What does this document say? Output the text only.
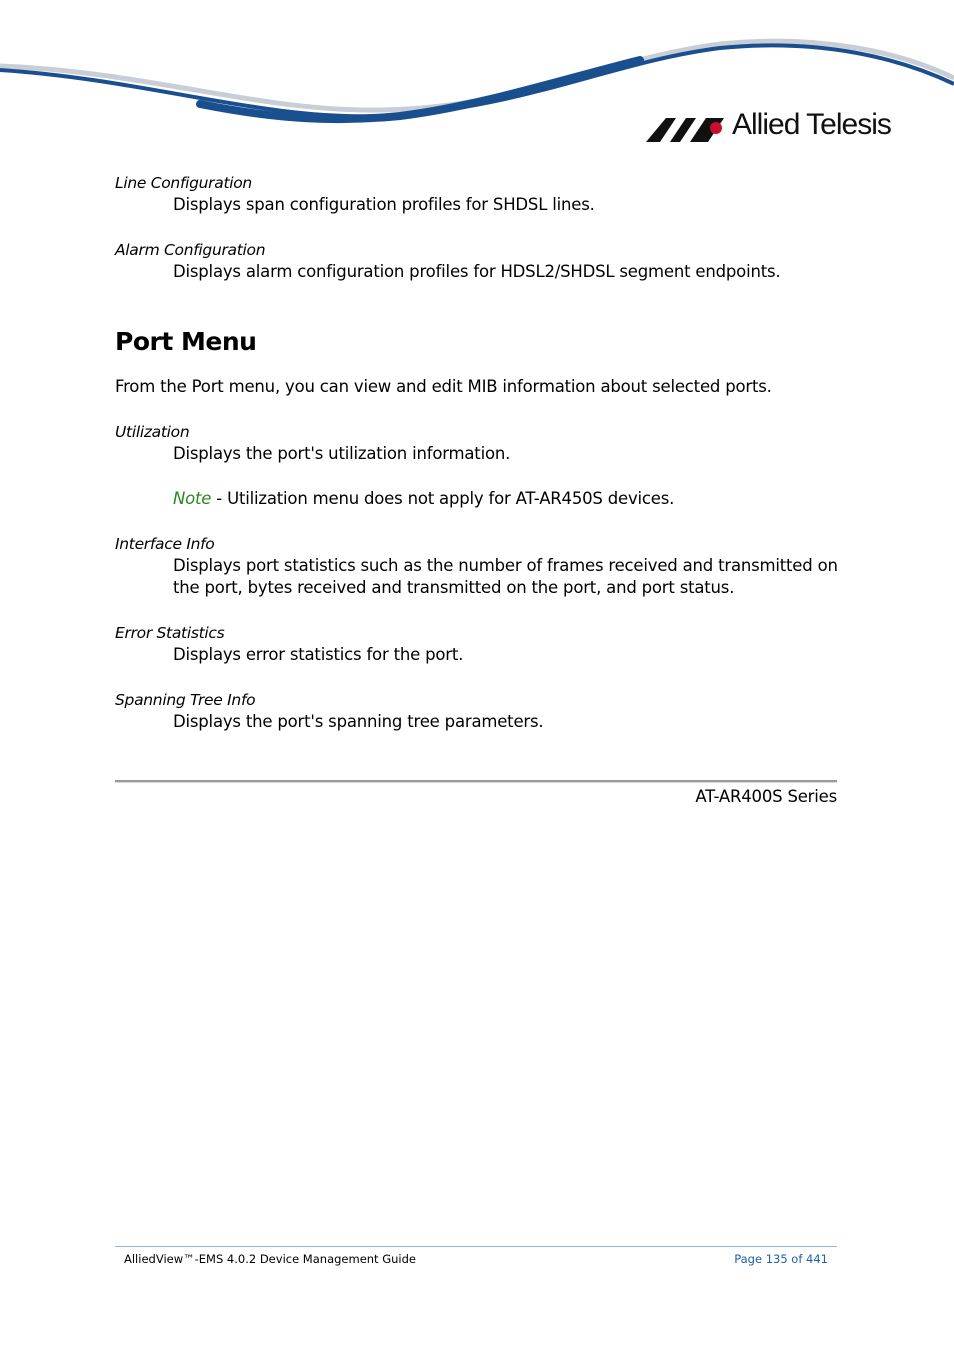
Allied Telesis
Line Configuration
Displays span configuration profiles for SHDSL lines.
Alarm Configuration
Displays alarm configuration profiles for HDSL2/SHDSL segment endpoints.
Port Menu
From the Port menu, you can view and edit MIB information about selected ports.
Utilization
Displays the port's utilization information.
Note - Utilization menu does not apply for AT-AR450S devices.
Interface Info
Displays port statistics such as the number of frames received and transmitted on the port, bytes received and transmitted on the port, and port status.
Error Statistics
Displays error statistics for the port.
Spanning Tree Info
Displays the port's spanning tree parameters.
AT-AR400S Series
AlliedView™-EMS 4.0.2 Device Management Guide	Page 135 of 441
